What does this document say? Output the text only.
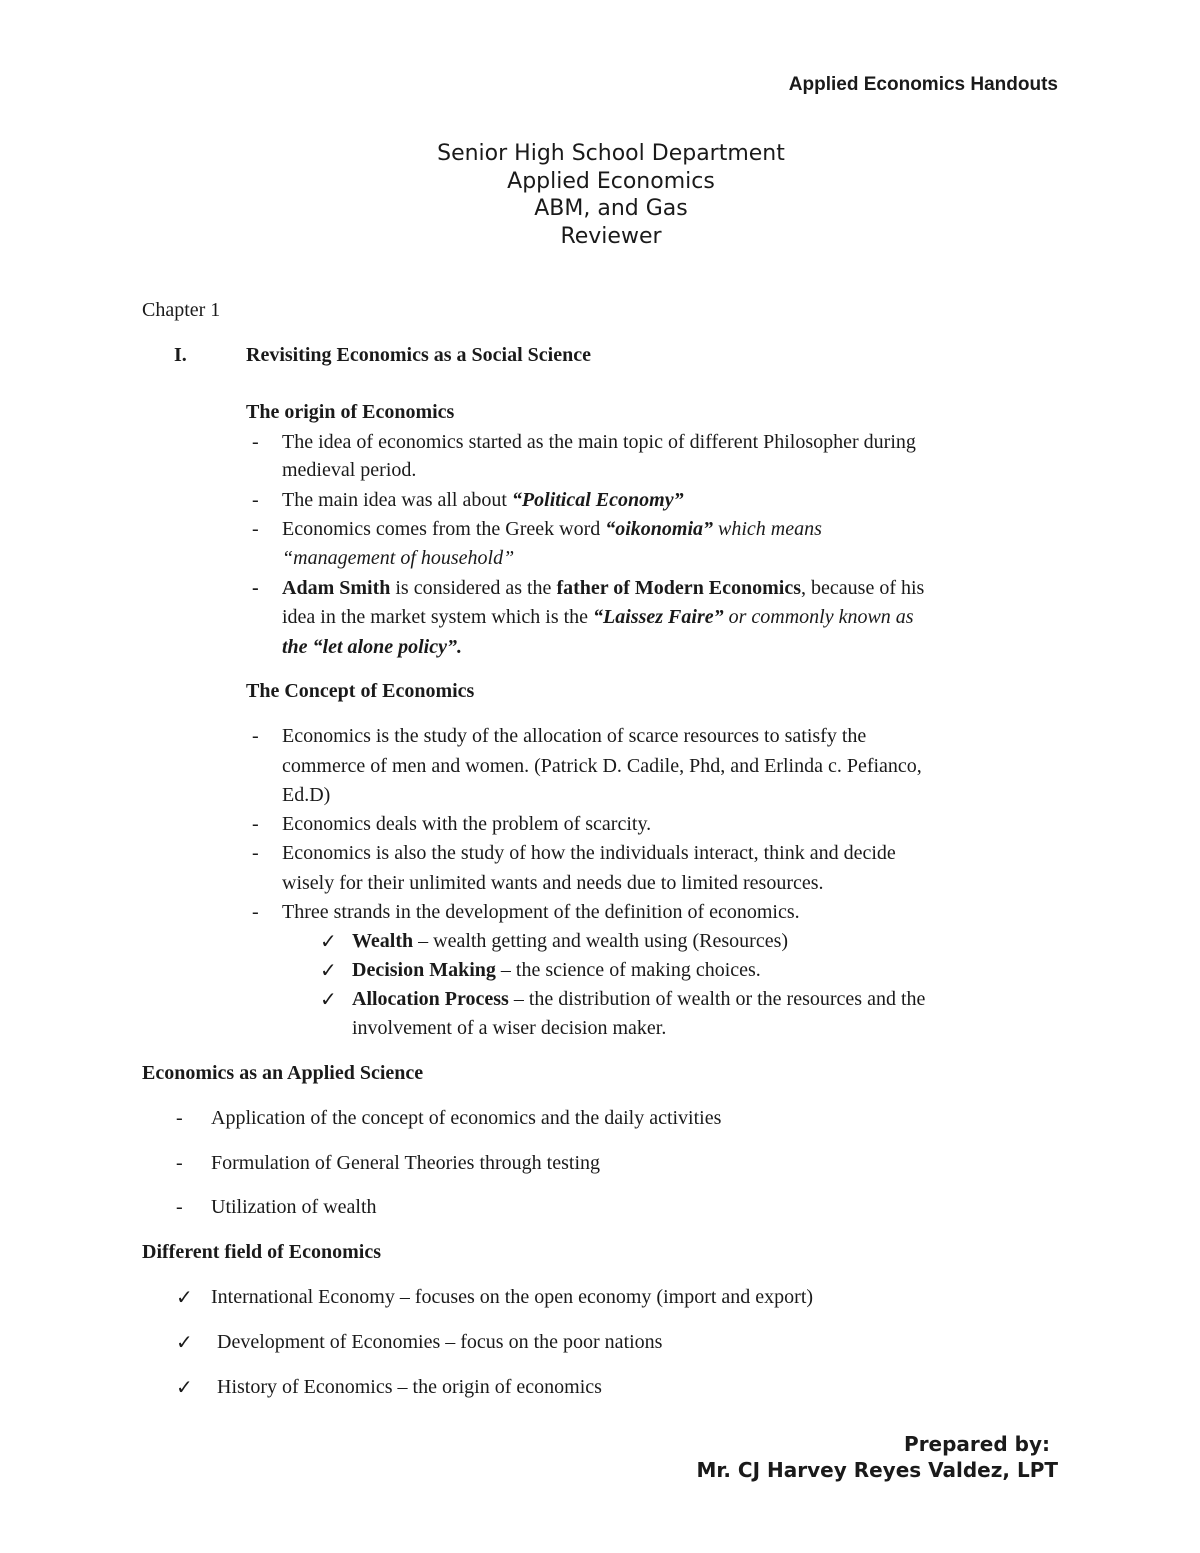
Applied Economics Handouts
Senior High School Department
Applied Economics
ABM, and Gas
Reviewer
Chapter 1
I.	Revisiting Economics as a Social Science
The origin of Economics
- The idea of economics started as the main topic of different Philosopher during
medieval period.
- The main idea was all about “Political Economy”
- Economics comes from the Greek word “oikonomia” which means
“management of household”
- Adam Smith is considered as the father of Modern Economics, because of his
idea in the market system which is the “Laissez Faire” or commonly known as
the “let alone policy”.
The Concept of Economics
- Economics is the study of the allocation of scarce resources to satisfy the
commerce of men and women. (Patrick D. Cadile, Phd, and Erlinda c. Pefianco,
Ed.D)
- Economics deals with the problem of scarcity.
- Economics is also the study of how the individuals interact, think and decide
wisely for their unlimited wants and needs due to limited resources.
- Three strands in the development of the definition of economics.
✓ Wealth – wealth getting and wealth using (Resources)
✓ Decision Making – the science of making choices.
✓ Allocation Process – the distribution of wealth or the resources and the
involvement of a wiser decision maker.
Economics as an Applied Science
- Application of the concept of economics and the daily activities
- Formulation of General Theories through testing
- Utilization of wealth
Different field of Economics
✓ International Economy – focuses on the open economy (import and export)
✓ Development of Economies – focus on the poor nations
✓ History of Economics – the origin of economics
Prepared by:
Mr. CJ Harvey Reyes Valdez, LPT
